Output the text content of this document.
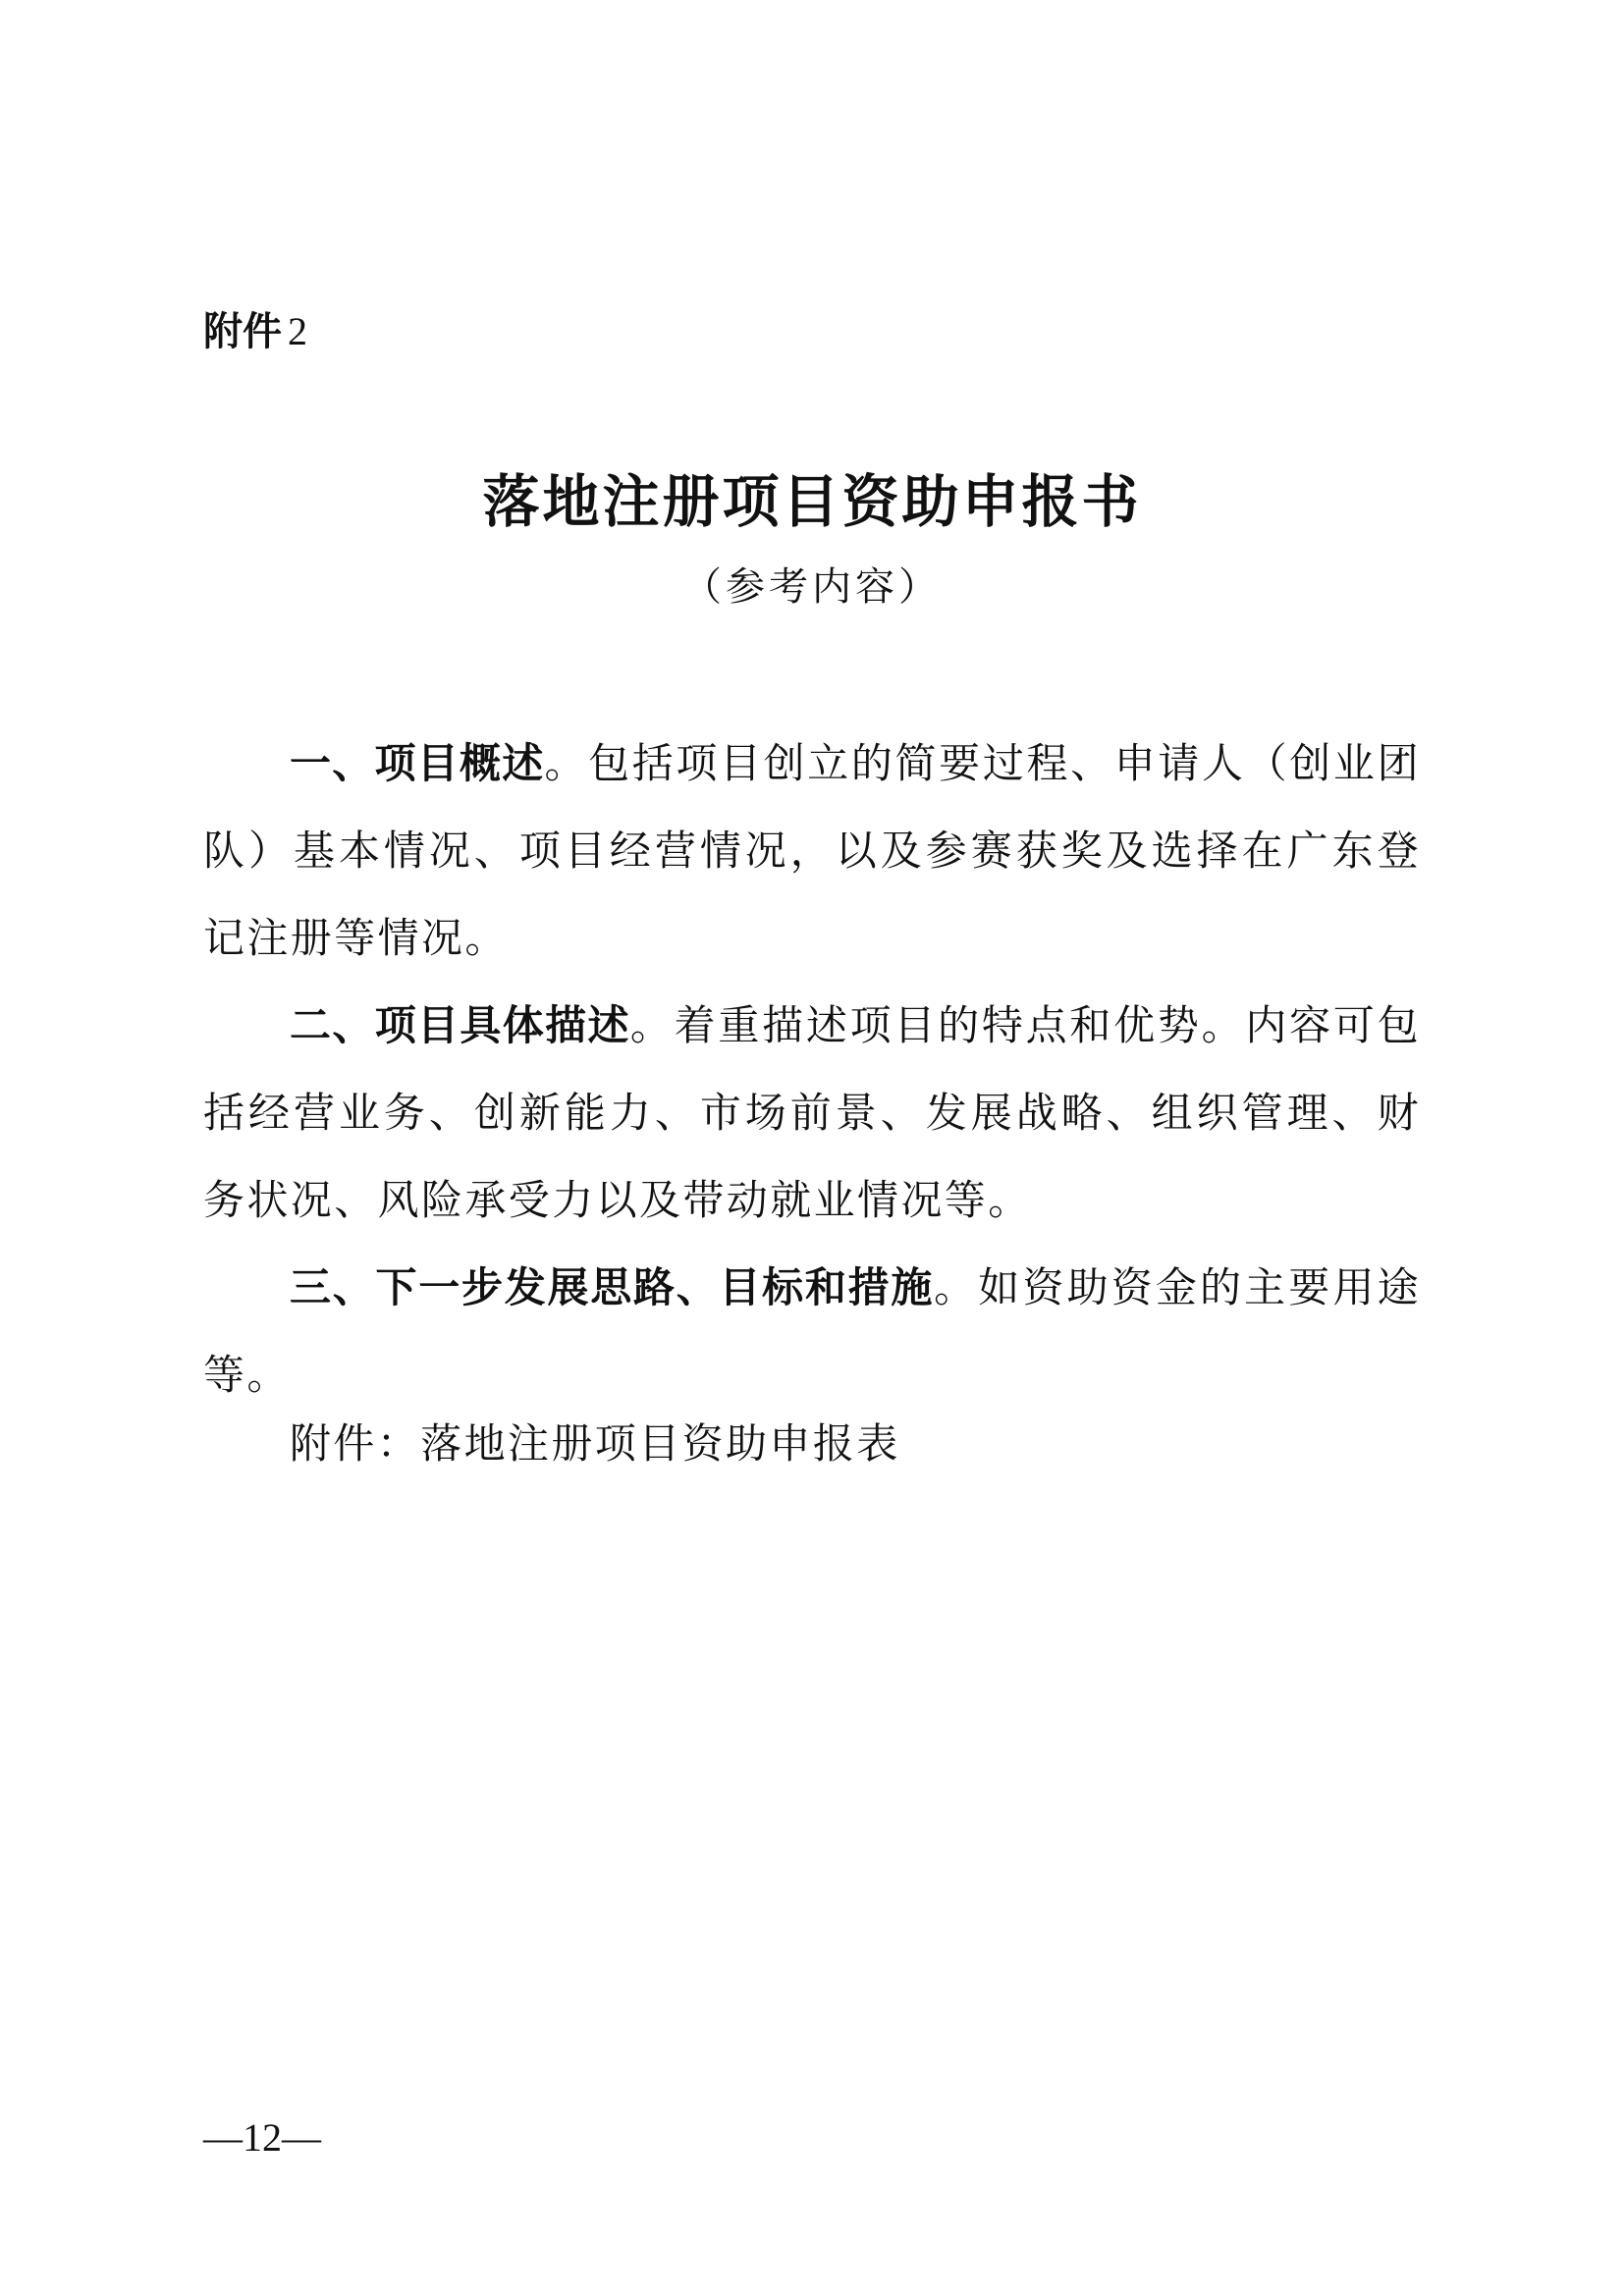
附件 2
落地注册项目资助申报书
（参考内容）
一、项目概述。包括项目创立的简要过程、申请人（创业团队）基本情况、项目经营情况，以及参赛获奖及选择在广东登记注册等情况。
二、项目具体描述。着重描述项目的特点和优势。内容可包括经营业务、创新能力、市场前景、发展战略、组织管理、财务状况、风险承受力以及带动就业情况等。
三、下一步发展思路、目标和措施。如资助资金的主要用途等。
附件：落地注册项目资助申报表
—12—
